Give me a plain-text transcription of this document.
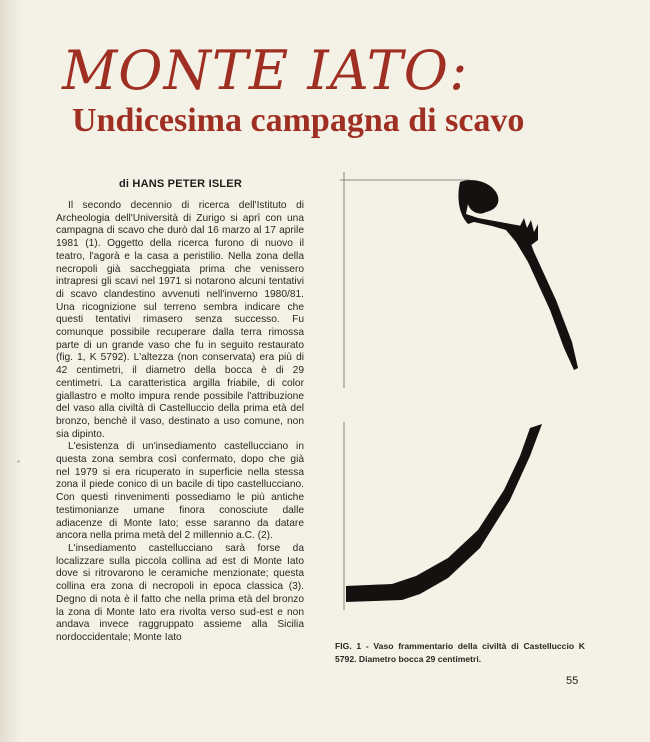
MONTE IATO:
Undicesima campagna di scavo
di HANS PETER ISLER

Il secondo decennio di ricerca dell'Istituto di Archeologia dell'Università di Zurigo si aprì con una campagna di scavo che durò dal 16 marzo al 17 aprile 1981 (1). Oggetto della ricerca furono di nuovo il teatro, l'agorà e la casa a peristilio. Nella zona della necropoli già saccheggiata prima che venissero intrapresi gli scavi nel 1971 si notarono alcuni tentativi di scavo clandestino avvenuti nell'inverno 1980/81. Una ricognizione sul terreno sembra indicare che questi tentativi rimasero senza successo. Fu comunque possibile recuperare dalla terra rimossa parte di un grande vaso che fu in seguito restaurato (fig. 1, K 5792). L'altezza (non conservata) era più di 42 centimetri, il diametro della bocca è di 29 centimetri. La caratteristica argilla friabile, di color giallastro e molto impura rende possibile l'attribuzione del vaso alla civiltà di Castelluccio della prima età del bronzo, benchè il vaso, destinato a uso comune, non sia dipinto.

L'esistenza di un'insediamento castellucciano in questa zona sembra così confermato, dopo che già nel 1979 si era ricuperato in superficie nella stessa zona il piede conico di un bacile di tipo castellucciano. Con questi rinvenimenti possediamo le più antiche testimonianze umane finora conosciute dalle adiacenze di Monte Iato; esse saranno da datare ancora nella prima metà del 2 millennio a.C. (2).

L'insediamento castellucciano sarà forse da localizzare sulla piccola collina ad est di Monte Iato dove si ritrovarono le ceramiche menzionate; questa collina era zona di necropoli in epoca classica (3). Degno di nota è il fatto che nella prima età del bronzo la zona di Monte Iato era rivolta verso sud-est e non andava invece raggruppato assieme alla Sicilia nordoccidentale; Monte Iato

FIG. 1 - Vaso frammentario della civiltà di Castelluccio K 5792. Diametro bocca 29 centimetri.
55
